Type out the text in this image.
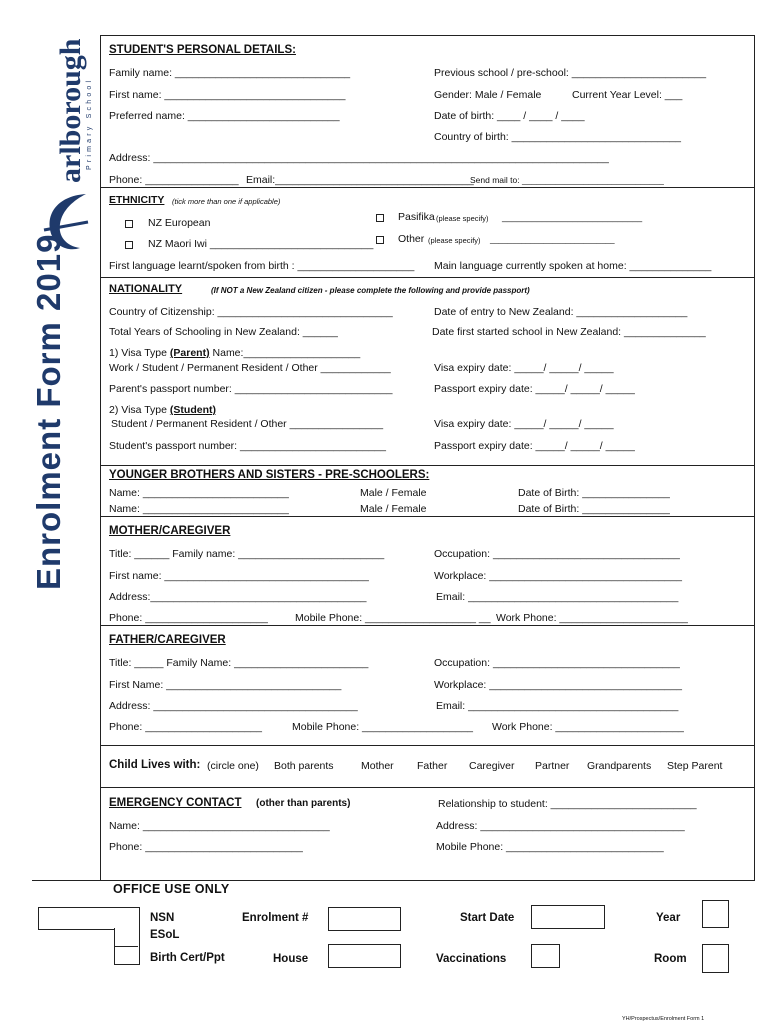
arlborough Primary School
Enrolment Form 2019
STUDENT'S PERSONAL DETAILS:
Family name: ______________________________	Previous school / pre-school: _______________________
First name: _______________________________	Gender: Male / Female	Current Year Level: ___
Preferred name: __________________________	Date of birth: ____ / ____ / ____
Country of birth: _____________________________
Address: ______________________________________________________________________________
Phone: ________________ Email:__________________________________
Send mail to: ______________________________
ETHNICITY (tick more than one if applicable)
NZ European
NZ Maori Iwi ____________________________
Pasifika (please specify) ____________________________
Other (please specify) ____________________________
First language learnt/spoken from birth : ____________________ Main language currently spoken at home: ______________
NATIONALITY	(If NOT a New Zealand citizen - please complete the following and provide passport)
Country of Citizenship: ______________________________	Date of entry to New Zealand: ___________________
Total Years of Schooling in New Zealand: ______	Date first started school in New Zealand: ______________
1) Visa Type (Parent) Name:____________________
Work / Student / Permanent Resident / Other ____________	Visa expiry date: _____/ _____/ _____
Parent's passport number: ___________________________	Passport expiry date: _____/ _____/ _____
2) Visa Type (Student)
Student / Permanent Resident / Other ________________	Visa expiry date: _____/ _____/ _____
Student's passport number: _________________________	Passport expiry date: _____/ _____/ _____
YOUNGER BROTHERS AND SISTERS - PRE-SCHOOLERS:
Name: _________________________	Male / Female	Date of Birth: _______________
Name: _________________________	Male / Female	Date of Birth: _______________
MOTHER/CAREGIVER
Title: ______ Family name: _________________________	Occupation: ________________________________
First name: ___________________________________	Workplace: _________________________________
Address:_____________________________________	Email: ____________________________________
Phone: _____________________	Mobile Phone: ___________________ __ Work Phone: ______________________
FATHER/CAREGIVER
Title: _____ Family Name: _______________________	Occupation: ________________________________
First Name: ______________________________	Workplace: _________________________________
Address: ___________________________________	Email: ____________________________________
Phone: ____________________	Mobile Phone: ___________________ Work Phone: ______________________
Child Lives with: (circle one) Both parents	Mother Father Caregiver Partner Grandparents Step Parent
EMERGENCY CONTACT (other than parents)	Relationship to student: _________________________
Name: ________________________________	Address: ___________________________________
Phone: ___________________________	Mobile Phone: ___________________________
OFFICE USE ONLY
NSN
ESoL
Birth Cert/Ppt
Enrolment #
House
Start Date
Vaccinations
Year
Room
YH/Prospectus/Enrolment Form 1
